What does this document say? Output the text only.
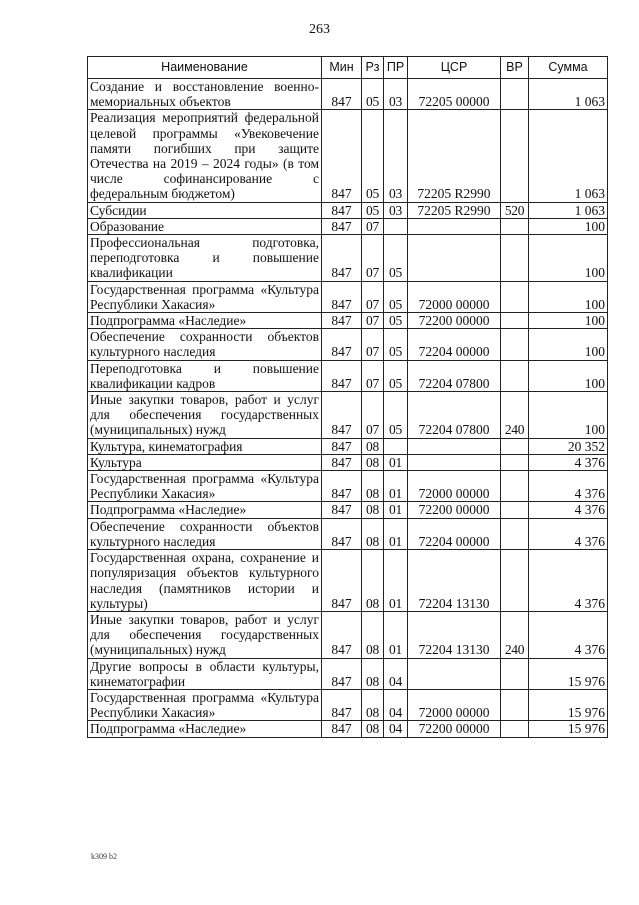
263
Наименование	Мин	Рз	ПР	ЦСР	ВР	Сумма
Создание и восстановление военно-мемориальных объектов	847	05	03	72205 00000		1 063
Реализация мероприятий федеральной целевой программы «Увековечение памяти погибших при защите Отечества на 2019 – 2024 годы» (в том числе софинансирование с федеральным бюджетом)	847	05	03	72205 R2990		1 063
Субсидии	847	05	03	72205 R2990	520	1 063
Образование	847	07				100
Профессиональная подготовка, переподготовка и повышение квалификации	847	07	05			100
Государственная программа «Культура Республики Хакасия»	847	07	05	72000 00000		100
Подпрограмма «Наследие»	847	07	05	72200 00000		100
Обеспечение сохранности объектов культурного наследия	847	07	05	72204 00000		100
Переподготовка и повышение квалификации кадров	847	07	05	72204 07800		100
Иные закупки товаров, работ и услуг для обеспечения государственных (муниципальных) нужд	847	07	05	72204 07800	240	100
Культура, кинематография	847	08				20 352
Культура	847	08	01			4 376
Государственная программа «Культура Республики Хакасия»	847	08	01	72000 00000		4 376
Подпрограмма «Наследие»	847	08	01	72200 00000		4 376
Обеспечение сохранности объектов культурного наследия	847	08	01	72204 00000		4 376
Государственная охрана, сохранение и популяризация объектов культурного наследия (памятников истории и культуры)	847	08	01	72204 13130		4 376
Иные закупки товаров, работ и услуг для обеспечения государственных (муниципальных) нужд	847	08	01	72204 13130	240	4 376
Другие вопросы в области культуры, кинематографии	847	08	04			15 976
Государственная программа «Культура Республики Хакасия»	847	08	04	72000 00000		15 976
Подпрограмма «Наследие»	847	08	04	72200 00000		15 976
k309 b2
